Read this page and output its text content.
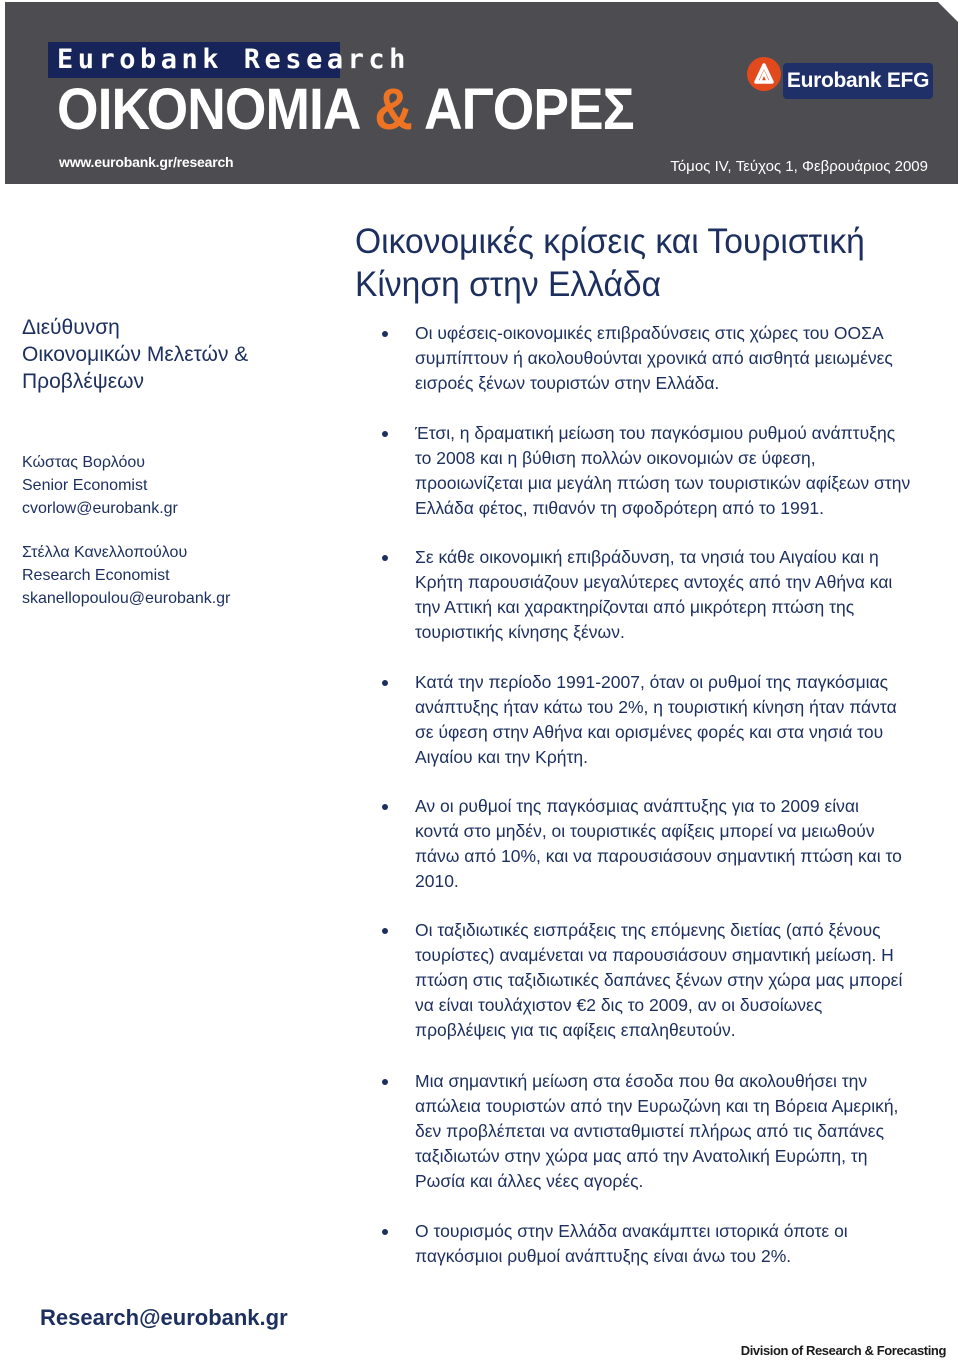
Eurobank Research
ΟΙΚΟΝΟΜΙΑ & ΑΓΟΡΕΣ
www.eurobank.gr/research	Τόμος IV, Τεύχος 1, Φεβρουάριος 2009
Eurobank EFG
Διεύθυνση
Οικονομικών Μελετών &
Προβλέψεων
Κώστας Βορλόου
Senior Economist
cvorlow@eurobank.gr
Στέλλα Κανελλοπούλου
Research Economist
skanellopoulou@eurobank.gr
Οικονομικές κρίσεις και Τουριστική
Κίνηση στην Ελλάδα
Οι υφέσεις-οικονομικές επιβραδύνσεις στις χώρες του ΟΟΣΑ
συμπίπτουν ή ακολουθούνται χρονικά από αισθητά μειωμένες
εισροές ξένων τουριστών στην Ελλάδα.
Έτσι, η δραματική μείωση του παγκόσμιου ρυθμού ανάπτυξης
το 2008 και η βύθιση πολλών οικονομιών σε ύφεση,
προοιωνίζεται μια μεγάλη πτώση των τουριστικών αφίξεων στην
Ελλάδα φέτος, πιθανόν τη σφοδρότερη από το 1991.
Σε κάθε οικονομική επιβράδυνση, τα νησιά του Αιγαίου και η
Κρήτη παρουσιάζουν μεγαλύτερες αντοχές από την Αθήνα και
την Αττική και χαρακτηρίζονται από μικρότερη πτώση της
τουριστικής κίνησης ξένων.
Κατά την περίοδο 1991-2007, όταν οι ρυθμοί της παγκόσμιας
ανάπτυξης ήταν κάτω του 2%, η τουριστική κίνηση ήταν πάντα
σε ύφεση στην Αθήνα και ορισμένες φορές και στα νησιά του
Αιγαίου και την Κρήτη.
Αν οι ρυθμοί της παγκόσμιας ανάπτυξης για το 2009 είναι
κοντά στο μηδέν, οι τουριστικές αφίξεις μπορεί να μειωθούν
πάνω από 10%, και να παρουσιάσουν σημαντική πτώση και το
2010.
Οι ταξιδιωτικές εισπράξεις της επόμενης διετίας (από ξένους
τουρίστες) αναμένεται να παρουσιάσουν σημαντική μείωση. Η
πτώση στις ταξιδιωτικές δαπάνες ξένων στην χώρα μας μπορεί
να είναι τουλάχιστον €2 δις το 2009, αν οι δυσοίωνες
προβλέψεις για τις αφίξεις επαληθευτούν.
Μια σημαντική μείωση στα έσοδα που θα ακολουθήσει την
απώλεια τουριστών από την Ευρωζώνη και τη Βόρεια Αμερική,
δεν προβλέπεται να αντισταθμιστεί πλήρως από τις δαπάνες
ταξιδιωτών στην χώρα μας από την Ανατολική Ευρώπη, τη
Ρωσία και άλλες νέες αγορές.
Ο τουρισμός στην Ελλάδα ανακάμπτει ιστορικά όποτε οι
παγκόσμιοι ρυθμοί ανάπτυξης είναι άνω του 2%.
Research@eurobank.gr
Division of Research & Forecasting
